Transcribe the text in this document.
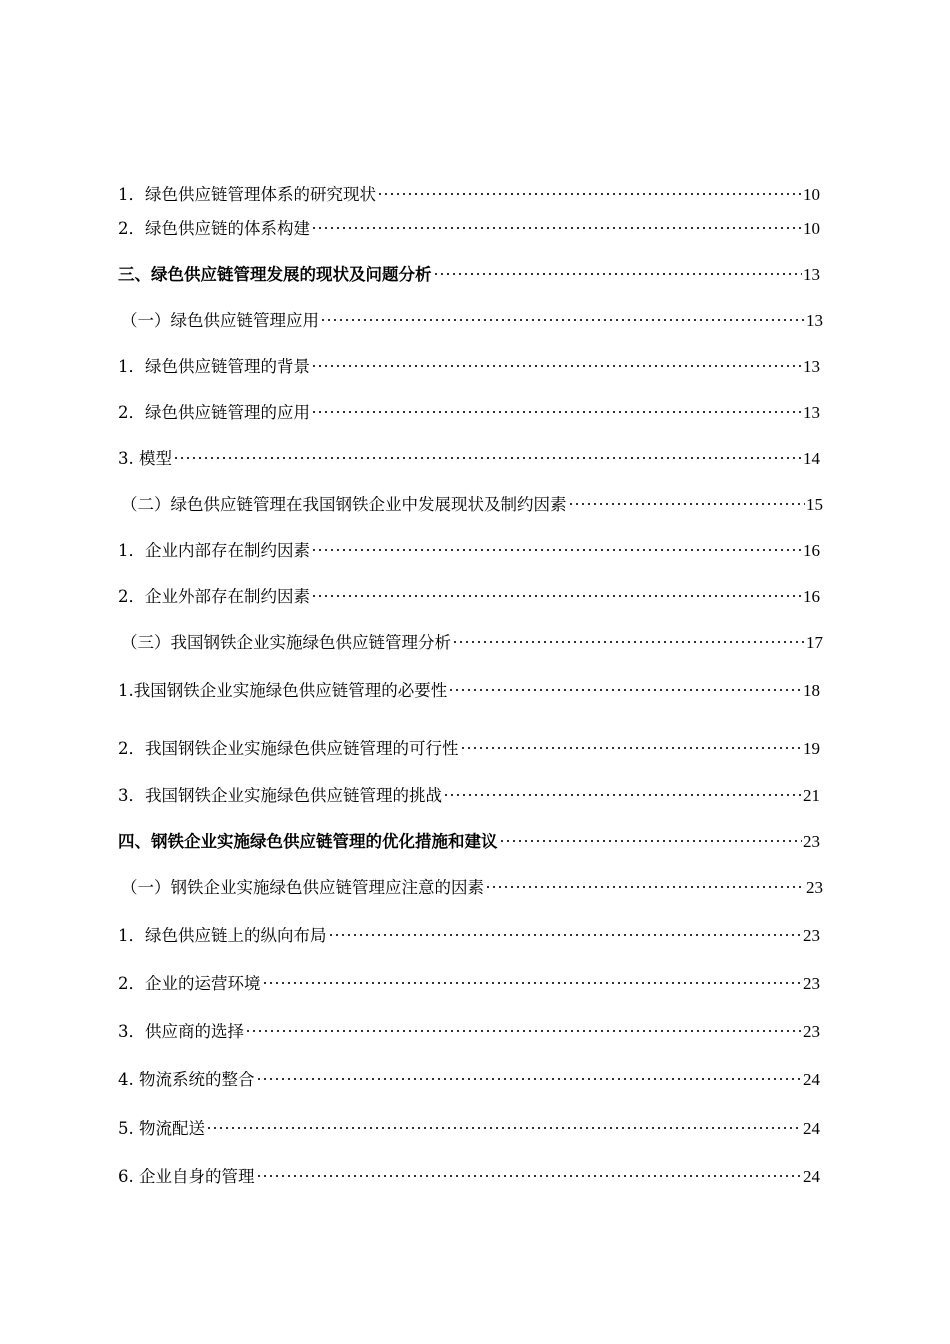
1．绿色供应链管理体系的研究现状	10
2．绿色供应链的体系构建	10
三、绿色供应链管理发展的现状及问题分析	13
（一）绿色供应链管理应用	13
1．绿色供应链管理的背景	13
2．绿色供应链管理的应用	13
3. 模型	14
（二）绿色供应链管理在我国钢铁企业中发展现状及制约因素	15
1．企业内部存在制约因素	16
2．企业外部存在制约因素	16
（三）我国钢铁企业实施绿色供应链管理分析	17
1.我国钢铁企业实施绿色供应链管理的必要性	18
2．我国钢铁企业实施绿色供应链管理的可行性	19
3．我国钢铁企业实施绿色供应链管理的挑战	21
四、钢铁企业实施绿色供应链管理的优化措施和建议	23
（一）钢铁企业实施绿色供应链管理应注意的因素	23
1．绿色供应链上的纵向布局	23
2．企业的运营环境	23
3．供应商的选择	23
4. 物流系统的整合	24
5. 物流配送	24
6. 企业自身的管理	24
